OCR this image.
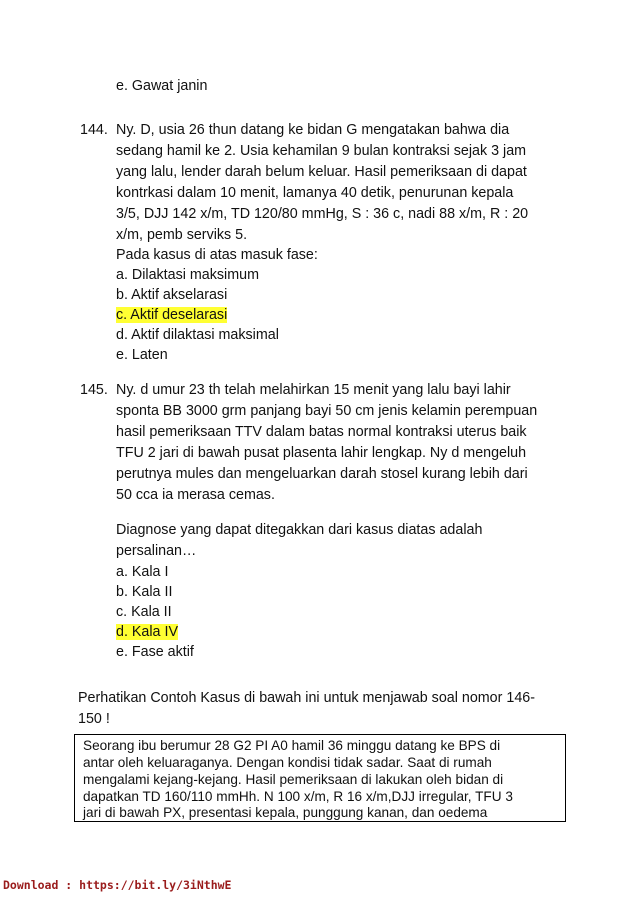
e. Gawat janin
144. Ny. D, usia 26 thun datang ke bidan G mengatakan bahwa dia
sedang hamil ke 2. Usia kehamilan 9 bulan kontraksi sejak 3 jam
yang lalu, lender darah belum keluar. Hasil pemeriksaan di dapat
kontrkasi dalam 10 menit, lamanya 40 detik, penurunan kepala
3/5, DJJ 142 x/m, TD 120/80 mmHg, S : 36 c, nadi 88 x/m, R : 20
x/m, pemb serviks 5.
Pada kasus di atas masuk fase:
a. Dilaktasi maksimum
b. Aktif akselarasi
c. Aktif deselarasi
d. Aktif dilaktasi maksimal
e. Laten
145. Ny. d umur 23 th telah melahirkan 15 menit yang lalu bayi lahir
sponta BB 3000 grm panjang bayi 50 cm jenis kelamin perempuan
hasil pemeriksaan TTV dalam batas normal kontraksi uterus baik
TFU 2 jari di bawah pusat plasenta lahir lengkap. Ny d mengeluh
perutnya mules dan mengeluarkan darah stosel kurang lebih dari
50 cca ia merasa cemas.
Diagnose yang dapat ditegakkan dari kasus diatas adalah
persalinan…
a. Kala I
b. Kala II
c. Kala II
d. Kala IV
e. Fase aktif
Perhatikan Contoh Kasus di bawah ini untuk menjawab soal nomor 146-
150 !
Seorang ibu berumur 28 G2 PI A0 hamil 36 minggu datang ke BPS di
antar oleh keluaraganya. Dengan kondisi tidak sadar. Saat di rumah
mengalami kejang-kejang. Hasil pemeriksaan di lakukan oleh bidan di
dapatkan TD 160/110 mmHh. N 100 x/m, R 16 x/m,DJJ irregular, TFU 3
jari di bawah PX, presentasi kepala, punggung kanan, dan oedema
Download : https://bit.ly/3iNthwE
